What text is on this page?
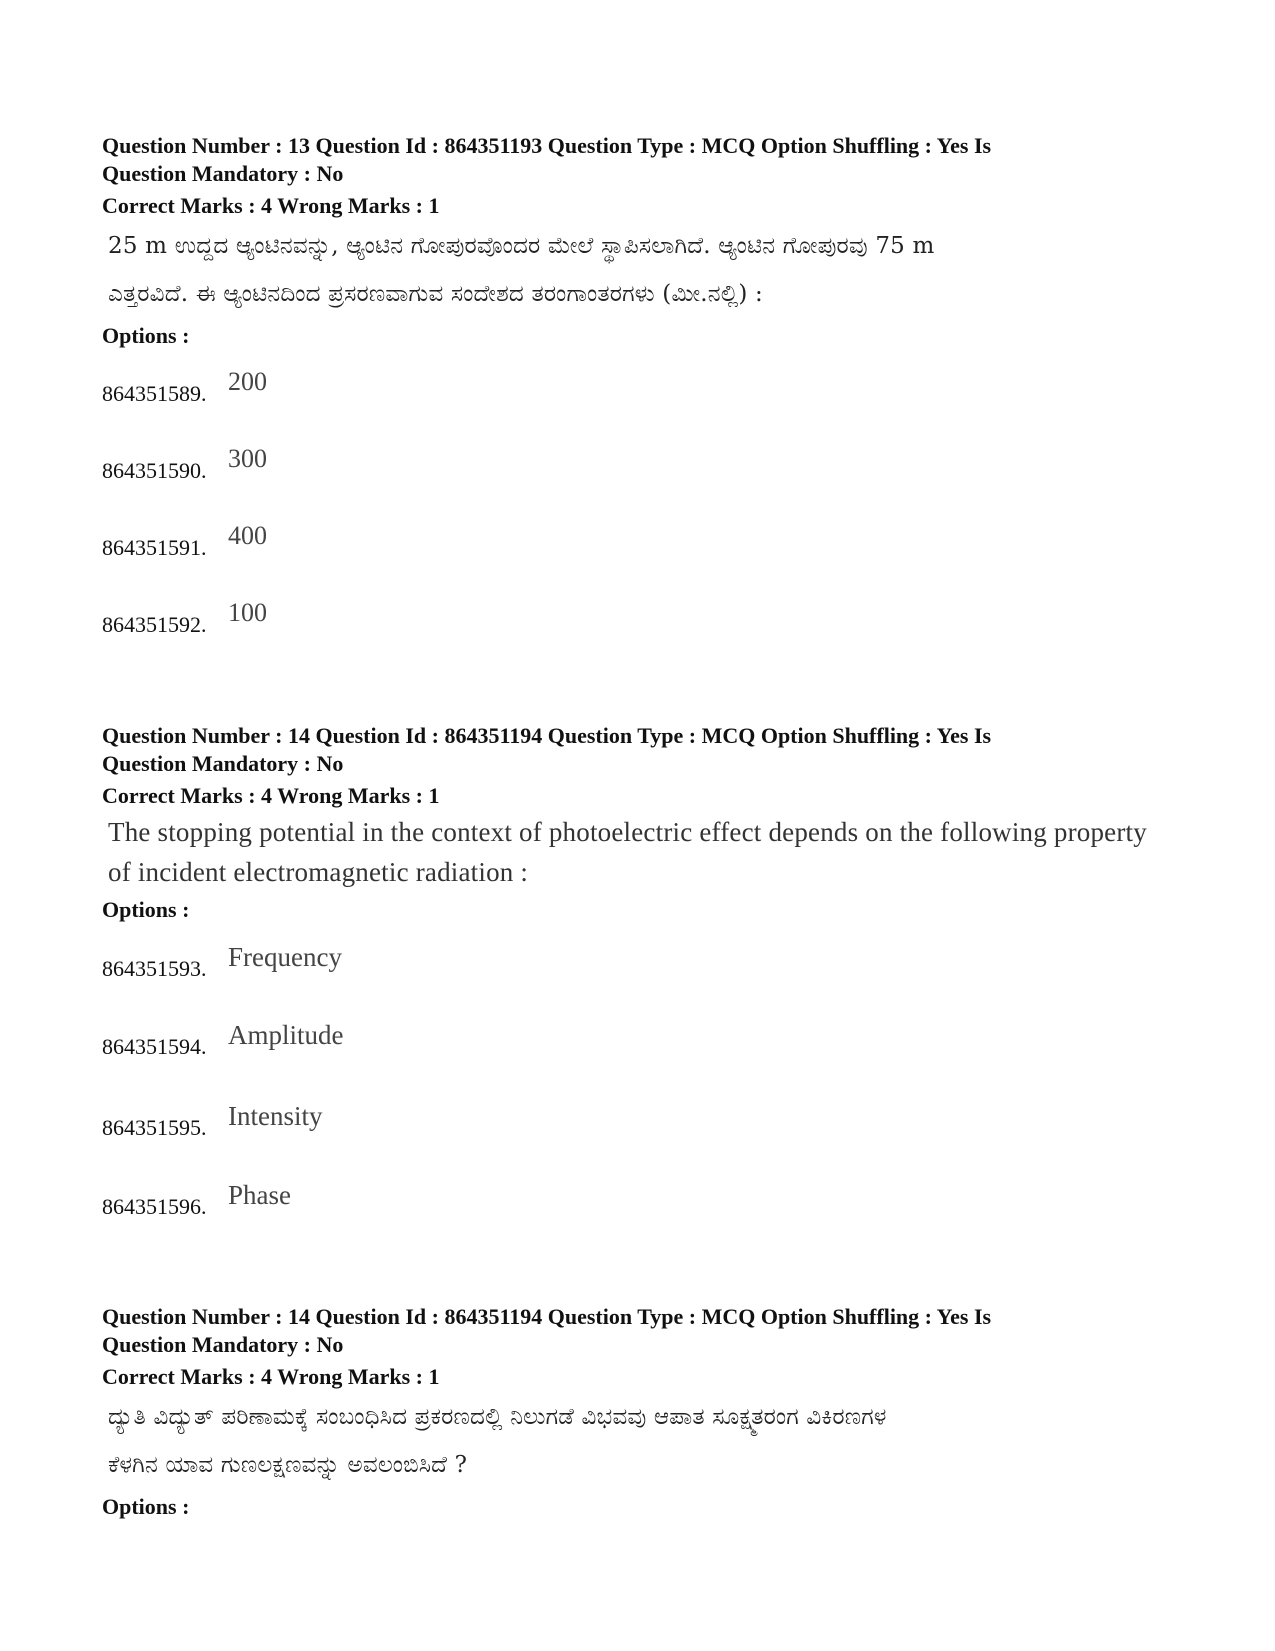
Question Number : 13 Question Id : 864351193 Question Type : MCQ Option Shuffling : Yes Is
Question Mandatory : No
Correct Marks : 4 Wrong Marks : 1
25 m ಉದ್ದದ ಆ್ಯಂಟಿನವನ್ನು, ಆ್ಯಂಟಿನ ಗೋಪುರವೊಂದರ ಮೇಲೆ ಸ್ಥಾಪಿಸಲಾಗಿದೆ. ಆ್ಯಂಟಿನ ಗೋಪುರವು 75 m
ಎತ್ತರವಿದೆ. ಈ ಆ್ಯಂಟಿನದಿಂದ ಪ್ರಸರಣವಾಗುವ ಸಂದೇಶದ ತರಂಗಾಂತರಗಳು (ಮೀ.ನಲ್ಲಿ) :
Options :
864351589. 200
864351590. 300
864351591. 400
864351592. 100
Question Number : 14 Question Id : 864351194 Question Type : MCQ Option Shuffling : Yes Is
Question Mandatory : No
Correct Marks : 4 Wrong Marks : 1
The stopping potential in the context of photoelectric effect depends on the following property
of incident electromagnetic radiation :
Options :
864351593. Frequency
864351594. Amplitude
864351595. Intensity
864351596. Phase
Question Number : 14 Question Id : 864351194 Question Type : MCQ Option Shuffling : Yes Is
Question Mandatory : No
Correct Marks : 4 Wrong Marks : 1
ದ್ಯುತಿ ವಿದ್ಯುತ್ ಪರಿಣಾಮಕ್ಕೆ ಸಂಬಂಧಿಸಿದ ಪ್ರಕರಣದಲ್ಲಿ ನಿಲುಗಡೆ ವಿಭವವು ಆಪಾತ ಸೂಕ್ಷ್ಮತರಂಗ ವಿಕಿರಣಗಳ
ಕೆಳಗಿನ ಯಾವ ಗುಣಲಕ್ಷಣವನ್ನು ಅವಲಂಬಿಸಿದೆ ?
Options :
